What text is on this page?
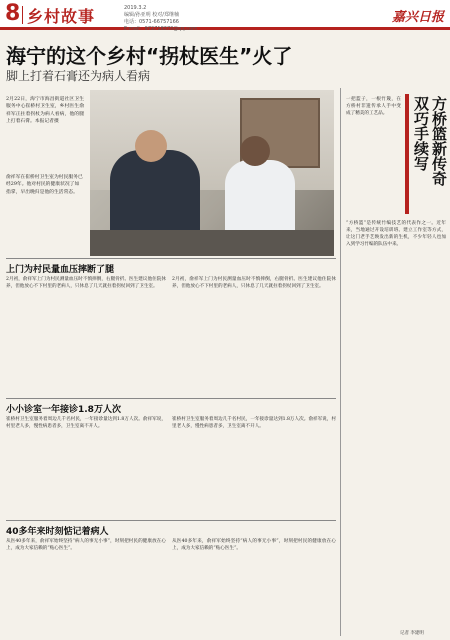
8 乡村故事	2019.3.2
编辑/孙亚明 校对/郑继楠
电话：0571-66757166
E-mail：972718370@qq.com
嘉兴日报
海宁的这个乡村“拐杖医生”火了
脚上打着石膏还为病人看病
2月22日，海宁市海昌街道社区卫生服务中心崔桥村卫生室，乡村医生俞祥军正拄着拐杖为病人看病，他的腿上打着石膏。本报记者摄
俞祥军在崔桥村卫生室为村民服务已经29年。他对村民的健康状况了如指掌，早出晚归是他的生活常态。
上门为村民量血压摔断了腿
2月初，俞祥军上门为村民测量血压时不慎摔倒，右腿骨折。医生建议他住院休养，但他放心不下村里的老病人，只休息了几天就拄着拐杖回到了卫生室。
2月初，俞祥军上门为村民测量血压时不慎摔倒，右腿骨折。医生建议他住院休养，但他放心不下村里的老病人，只休息了几天就拄着拐杖回到了卫生室。
小小诊室一年接诊1.8万人次
崔桥村卫生室服务着周边几千名村民，一年接诊量达到1.8万人次。俞祥军说，村里老人多，慢性病患者多，卫生室离不开人。
崔桥村卫生室服务着周边几千名村民，一年接诊量达到1.8万人次。俞祥军说，村里老人多，慢性病患者多，卫生室离不开人。
40多年来时刻惦记着病人
从医40多年来，俞祥军始终坚持“病人的事无小事”，时刻把村民的健康放在心上，成为大家信赖的“贴心医生”。
从医40多年来，俞祥军始终坚持“病人的事无小事”，时刻把村民的健康放在心上，成为大家信赖的“贴心医生”。
一把篮子，一根竹篾，在方桥村非遗传承人手中变成了精美的工艺品。	双巧手续写 方桥篮新传奇
“方桥篮”是传统竹编技艺的代表作之一。近年来，当地通过开设培训班、建立工作室等方式，让这门老手艺焕发出新的生机，不少年轻人也加入到学习竹编的队伍中来。
记者 李建明
